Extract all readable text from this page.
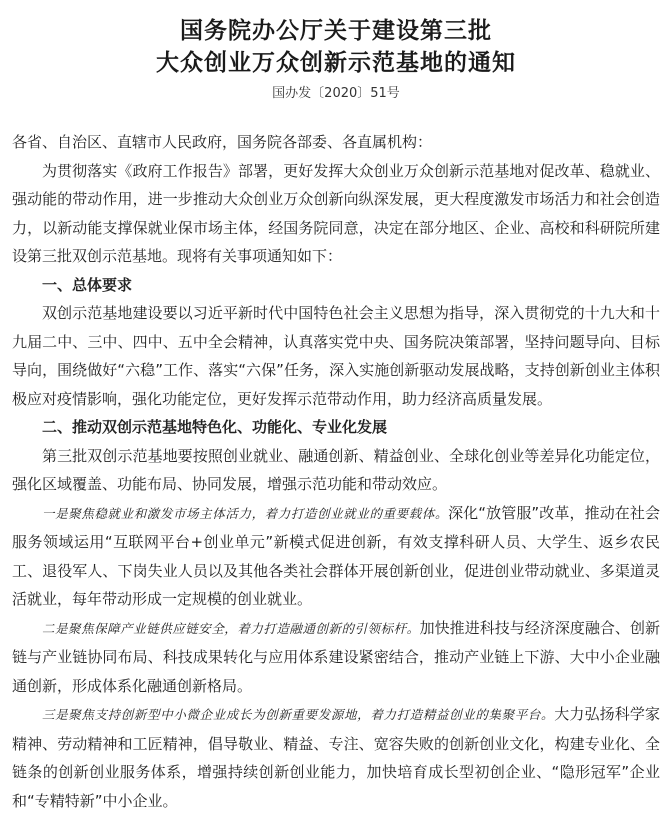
国务院办公厅关于建设第三批
大众创业万众创新示范基地的通知
国办发〔2020〕51号

各省、自治区、直辖市人民政府，国务院各部委、各直属机构：

为贯彻落实《政府工作报告》部署，更好发挥大众创业万众创新示范基地对促改革、稳就业、强动能的带动作用，进一步推动大众创业万众创新向纵深发展，更大程度激发市场活力和社会创造力，以新动能支撑保就业保市场主体，经国务院同意，决定在部分地区、企业、高校和科研院所建设第三批双创示范基地。现将有关事项通知如下：

一、总体要求

双创示范基地建设要以习近平新时代中国特色社会主义思想为指导，深入贯彻党的十九大和十九届二中、三中、四中、五中全会精神，认真落实党中央、国务院决策部署，坚持问题导向、目标导向，围绕做好“六稳”工作、落实“六保”任务，深入实施创新驱动发展战略，支持创新创业主体积极应对疫情影响，强化功能定位，更好发挥示范带动作用，助力经济高质量发展。

二、推动双创示范基地特色化、功能化、专业化发展

第三批双创示范基地要按照创业就业、融通创新、精益创业、全球化创业等差异化功能定位，强化区域覆盖、功能布局、协同发展，增强示范功能和带动效应。

一是聚焦稳就业和激发市场主体活力，着力打造创业就业的重要载体。深化“放管服”改革，推动在社会服务领域运用“互联网平台+创业单元”新模式促进创新，有效支撑科研人员、大学生、返乡农民工、退役军人、下岗失业人员以及其他各类社会群体开展创新创业，促进创业带动就业、多渠道灵活就业，每年带动形成一定规模的创业就业。

二是聚焦保障产业链供应链安全，着力打造融通创新的引领标杆。加快推进科技与经济深度融合、创新链与产业链协同布局、科技成果转化与应用体系建设紧密结合，推动产业链上下游、大中小企业融通创新，形成体系化融通创新格局。

三是聚焦支持创新型中小微企业成长为创新重要发源地，着力打造精益创业的集聚平台。大力弘扬科学家精神、劳动精神和工匠精神，倡导敬业、精益、专注、宽容失败的创新创业文化，构建专业化、全链条的创新创业服务体系，增强持续创新创业能力，加快培育成长型初创企业、“隐形冠军”企业和“专精特新”中小企业。
